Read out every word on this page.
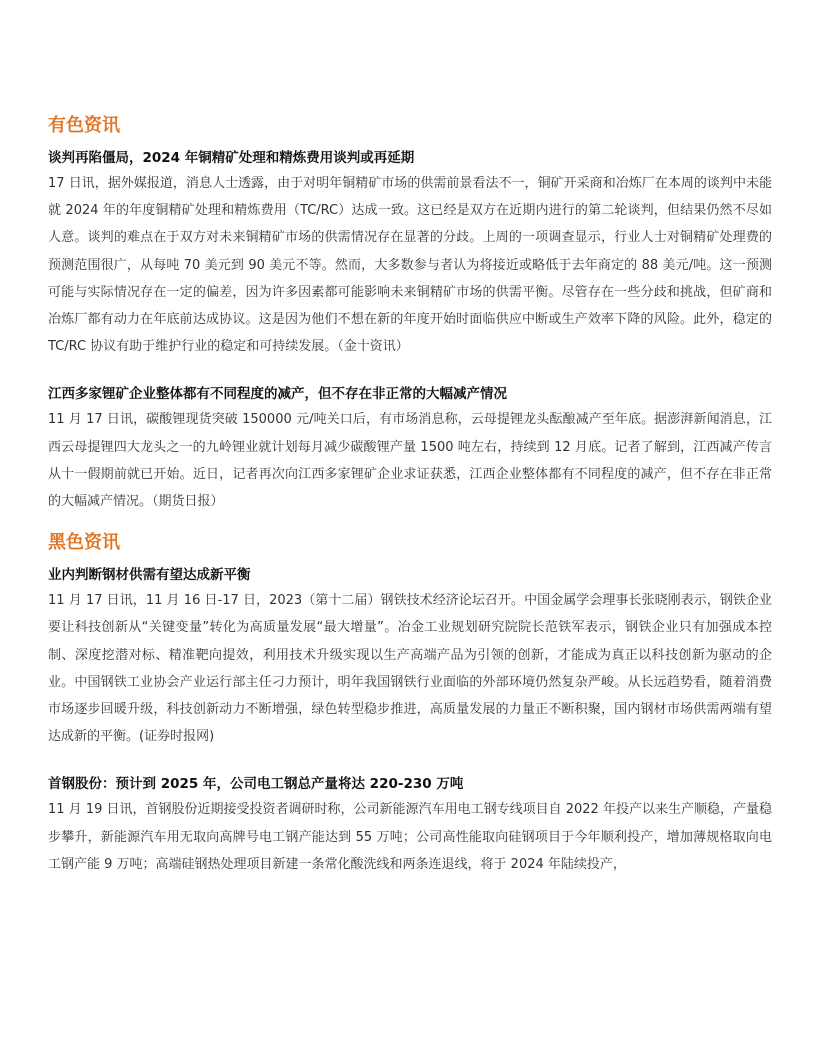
有色资讯
谈判再陷僵局，2024 年铜精矿处理和精炼费用谈判或再延期

17 日讯，据外媒报道，消息人士透露，由于对明年铜精矿市场的供需前景看法不一，铜矿开采商和冶炼厂在本周的谈判中未能就 2024 年的年度铜精矿处理和精炼费用（TC/RC）达成一致。这已经是双方在近期内进行的第二轮谈判，但结果仍然不尽如人意。谈判的难点在于双方对未来铜精矿市场的供需情况存在显著的分歧。上周的一项调查显示，行业人士对铜精矿处理费的预测范围很广，从每吨 70 美元到 90 美元不等。然而，大多数参与者认为将接近或略低于去年商定的 88 美元/吨。这一预测可能与实际情况存在一定的偏差，因为许多因素都可能影响未来铜精矿市场的供需平衡。尽管存在一些分歧和挑战，但矿商和冶炼厂都有动力在年底前达成协议。这是因为他们不想在新的年度开始时面临供应中断或生产效率下降的风险。此外，稳定的 TC/RC 协议有助于维护行业的稳定和可持续发展。（金十资讯）

江西多家锂矿企业整体都有不同程度的减产，但不存在非正常的大幅减产情况

11 月 17 日讯，碳酸锂现货突破 150000 元/吨关口后，有市场消息称，云母提锂龙头酝酿减产至年底。据澎湃新闻消息，江西云母提锂四大龙头之一的九岭锂业就计划每月减少碳酸锂产量 1500 吨左右，持续到 12 月底。记者了解到，江西减产传言从十一假期前就已开始。近日，记者再次向江西多家锂矿企业求证获悉，江西企业整体都有不同程度的减产，但不存在非正常的大幅减产情况。（期货日报）

黑色资讯
业内判断钢材供需有望达成新平衡

11 月 17 日讯，11 月 16 日-17 日，2023（第十二届）钢铁技术经济论坛召开。中国金属学会理事长张晓刚表示，钢铁企业要让科技创新从“关键变量”转化为高质量发展“最大增量”。冶金工业规划研究院院长范铁军表示，钢铁企业只有加强成本控制、深度挖潜对标、精准靶向提效，利用技术升级实现以生产高端产品为引领的创新，才能成为真正以科技创新为驱动的企业。中国钢铁工业协会产业运行部主任刁力预计，明年我国钢铁行业面临的外部环境仍然复杂严峻。从长远趋势看，随着消费市场逐步回暖升级，科技创新动力不断增强，绿色转型稳步推进，高质量发展的力量正不断积聚，国内钢材市场供需两端有望达成新的平衡。(证券时报网)

首钢股份：预计到 2025 年，公司电工钢总产量将达 220-230 万吨

11 月 19 日讯，首钢股份近期接受投资者调研时称，公司新能源汽车用电工钢专线项目自 2022 年投产以来生产顺稳，产量稳步攀升，新能源汽车用无取向高牌号电工钢产能达到 55 万吨；公司高性能取向硅钢项目于今年顺利投产，增加薄规格取向电工钢产能 9 万吨；高端硅钢热处理项目新建一条常化酸洗线和两条连退线，将于 2024 年陆续投产，
